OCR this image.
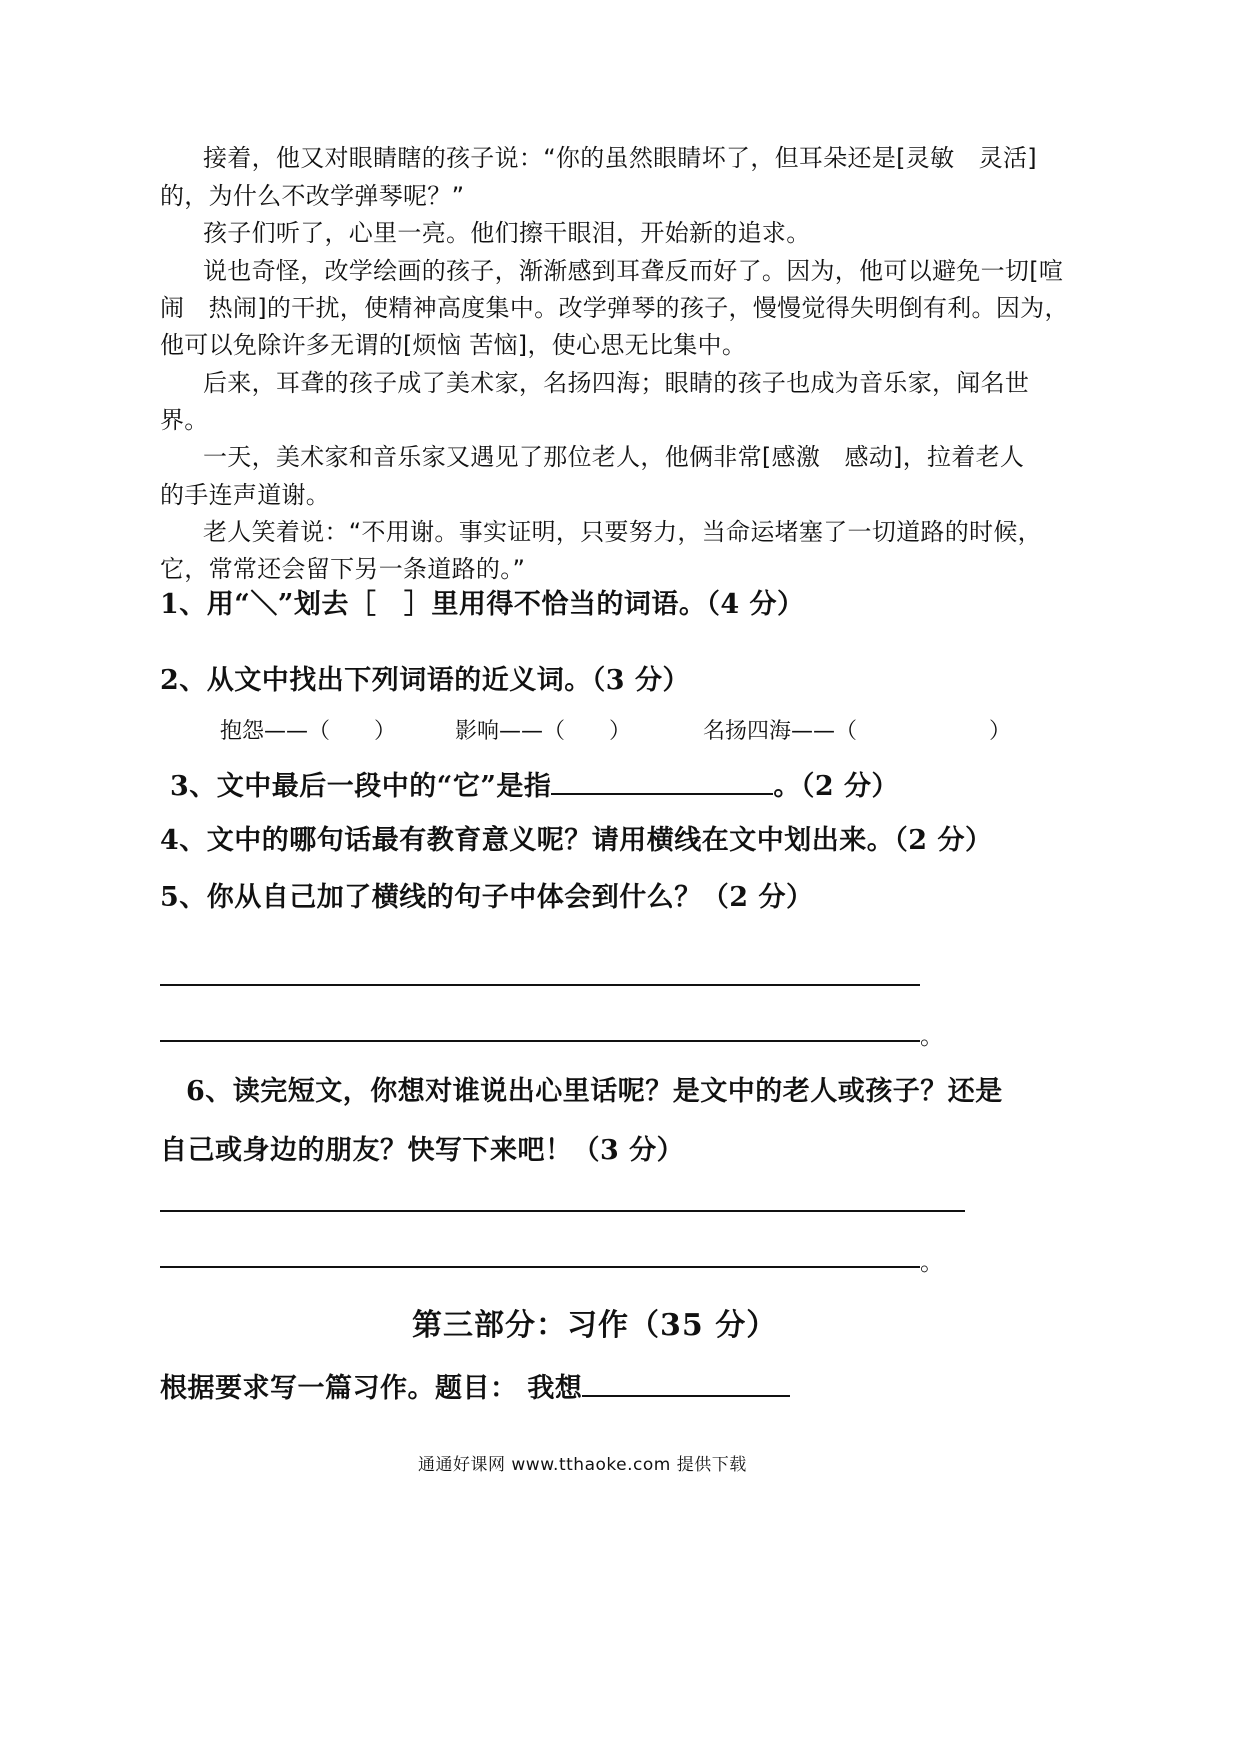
接着，他又对眼睛瞎的孩子说：“你的虽然眼睛坏了，但耳朵还是[灵敏　灵活]
的，为什么不改学弹琴呢？”
孩子们听了，心里一亮。他们擦干眼泪，开始新的追求。
说也奇怪，改学绘画的孩子，渐渐感到耳聋反而好了。因为，他可以避免一切[喧
闹　热闹]的干扰，使精神高度集中。改学弹琴的孩子，慢慢觉得失明倒有利。因为，
他可以免除许多无谓的[烦恼 苦恼]，使心思无比集中。
后来，耳聋的孩子成了美术家，名扬四海；眼睛的孩子也成为音乐家，闻名世
界。
一天，美术家和音乐家又遇见了那位老人，他俩非常[感激　感动]，拉着老人
的手连声道谢。
老人笑着说：“不用谢。事实证明，只要努力，当命运堵塞了一切道路的时候，
它，常常还会留下另一条道路的。”
1、用“＼”划去［　］里用得不恰当的词语。（4 分）
2、从文中找出下列词语的近义词。（3 分）
抱怨——（　　）	影响——（　　）	名扬四海——（　　　　　　）
3、文中最后一段中的“它”是指	。（2 分）
4、文中的哪句话最有教育意义呢？请用横线在文中划出来。（2 分）
5、你从自己加了横线的句子中体会到什么？（2 分）
。
6、读完短文，你想对谁说出心里话呢？是文中的老人或孩子？还是
自己或身边的朋友？快写下来吧！（3 分）
。
第三部分：习作（35 分）
根据要求写一篇习作。题目： 我想
通通好课网 www.tthaoke.com 提供下载
